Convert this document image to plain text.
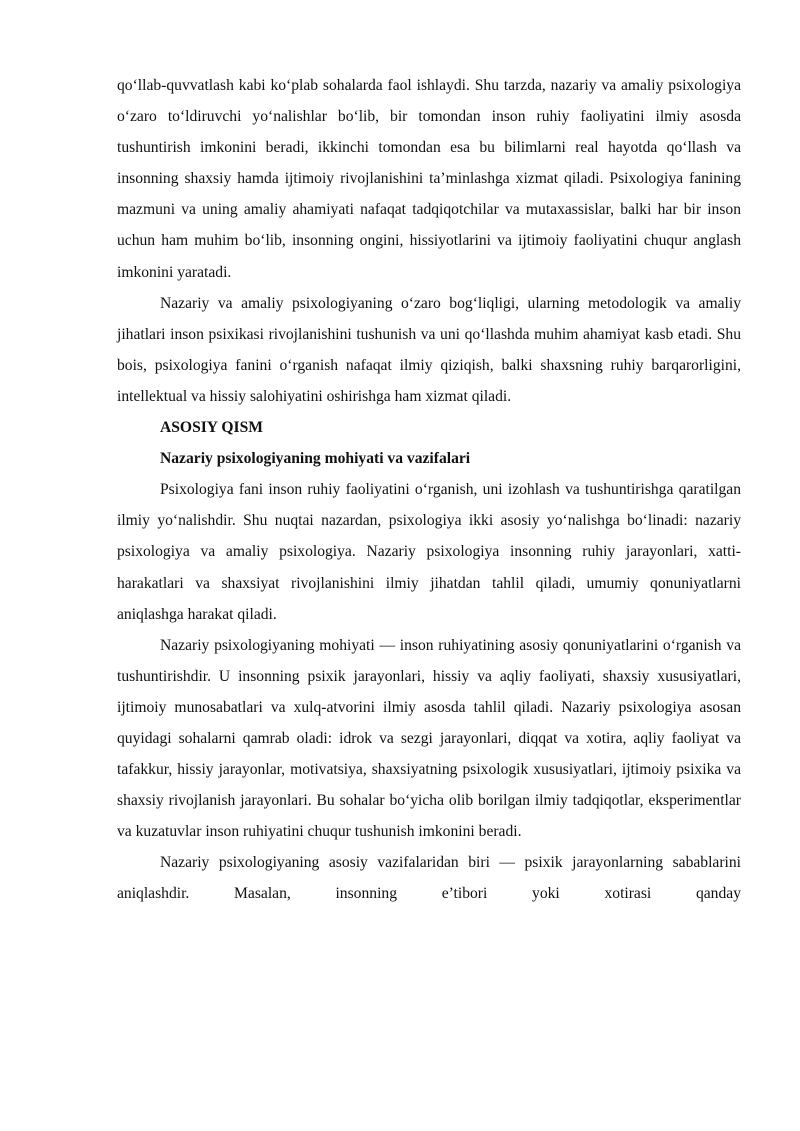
qo‘llab-quvvatlash kabi ko‘plab sohalarda faol ishlaydi. Shu tarzda, nazariy va amaliy psixologiya o‘zaro to‘ldiruvchi yo‘nalishlar bo‘lib, bir tomondan inson ruhiy faoliyatini ilmiy asosda tushuntirish imkonini beradi, ikkinchi tomondan esa bu bilimlarni real hayotda qo‘llash va insonning shaxsiy hamda ijtimoiy rivojlanishini ta’minlashga xizmat qiladi. Psixologiya fanining mazmuni va uning amaliy ahamiyati nafaqat tadqiqotchilar va mutaxassislar, balki har bir inson uchun ham muhim bo‘lib, insonning ongini, hissiyotlarini va ijtimoiy faoliyatini chuqur anglash imkonini yaratadi.

Nazariy va amaliy psixologiyaning o‘zaro bog‘liqligi, ularning metodologik va amaliy jihatlari inson psixikasi rivojlanishini tushunish va uni qo‘llashda muhim ahamiyat kasb etadi. Shu bois, psixologiya fanini o‘rganish nafaqat ilmiy qiziqish, balki shaxsning ruhiy barqarorligini, intellektual va hissiy salohiyatini oshirishga ham xizmat qiladi.

ASOSIY QISM

Nazariy psixologiyaning mohiyati va vazifalari

Psixologiya fani inson ruhiy faoliyatini o‘rganish, uni izohlash va tushuntirishga qaratilgan ilmiy yo‘nalishdir. Shu nuqtai nazardan, psixologiya ikki asosiy yo‘nalishga bo‘linadi: nazariy psixologiya va amaliy psixologiya. Nazariy psixologiya insonning ruhiy jarayonlari, xatti-harakatlari va shaxsiyat rivojlanishini ilmiy jihatdan tahlil qiladi, umumiy qonuniyatlarni aniqlashga harakat qiladi.

Nazariy psixologiyaning mohiyati — inson ruhiyatining asosiy qonuniyatlarini o‘rganish va tushuntirishdir. U insonning psixik jarayonlari, hissiy va aqliy faoliyati, shaxsiy xususiyatlari, ijtimoiy munosabatlari va xulq-atvorini ilmiy asosda tahlil qiladi. Nazariy psixologiya asosan quyidagi sohalarni qamrab oladi: idrok va sezgi jarayonlari, diqqat va xotira, aqliy faoliyat va tafakkur, hissiy jarayonlar, motivatsiya, shaxsiyatning psixologik xususiyatlari, ijtimoiy psixika va shaxsiy rivojlanish jarayonlari. Bu sohalar bo‘yicha olib borilgan ilmiy tadqiqotlar, eksperimentlar va kuzatuvlar inson ruhiyatini chuqur tushunish imkonini beradi.

Nazariy psixologiyaning asosiy vazifalaridan biri — psixik jarayonlarning sabablarini aniqlashdir. Masalan, insonning e’tibori yoki xotirasi qanday
